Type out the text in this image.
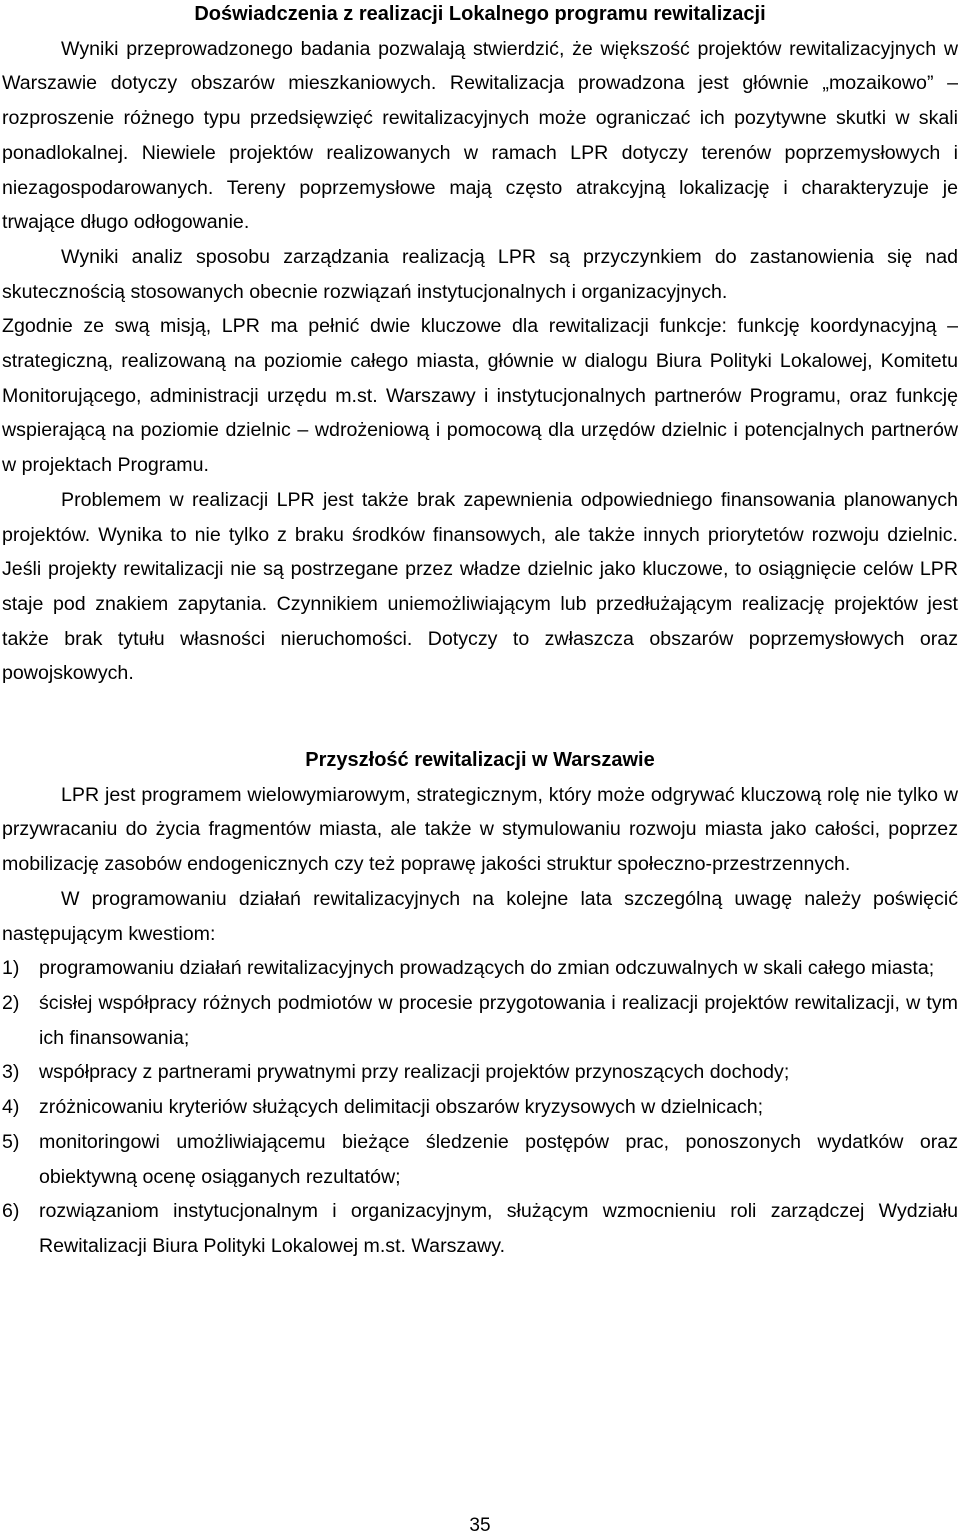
Doświadczenia z realizacji Lokalnego programu rewitalizacji

Wyniki przeprowadzonego badania pozwalają stwierdzić, że większość projektów rewitalizacyjnych w Warszawie dotyczy obszarów mieszkaniowych. Rewitalizacja prowadzona jest głównie „mozaikowo” – rozproszenie różnego typu przedsięwzięć rewitalizacyjnych może ograniczać ich pozytywne skutki w skali ponadlokalnej. Niewiele projektów realizowanych w ramach LPR dotyczy terenów poprzemysłowych i niezagospodarowanych. Tereny poprzemysłowe mają często atrakcyjną lokalizację i charakteryzuje je trwające długo odłogowanie.

Wyniki analiz sposobu zarządzania realizacją LPR są przyczynkiem do zastanowienia się nad skutecznością stosowanych obecnie rozwiązań instytucjonalnych i organizacyjnych.

Zgodnie ze swą misją, LPR ma pełnić dwie kluczowe dla rewitalizacji funkcje: funkcję koordynacyjną – strategiczną, realizowaną na poziomie całego miasta, głównie w dialogu Biura Polityki Lokalowej, Komitetu Monitorującego, administracji urzędu m.st. Warszawy i instytucjonalnych partnerów Programu, oraz funkcję wspierającą na poziomie dzielnic – wdrożeniową i pomocową dla urzędów dzielnic i potencjalnych partnerów w projektach Programu.

Problemem w realizacji LPR jest także brak zapewnienia odpowiedniego finansowania planowanych projektów. Wynika to nie tylko z braku środków finansowych, ale także innych priorytetów rozwoju dzielnic. Jeśli projekty rewitalizacji nie są postrzegane przez władze dzielnic jako kluczowe, to osiągnięcie celów LPR staje pod znakiem zapytania. Czynnikiem uniemożliwiającym lub przedłużającym realizację projektów jest także brak tytułu własności nieruchomości. Dotyczy to zwłaszcza obszarów poprzemysłowych oraz powojskowych.

Przyszłość rewitalizacji w Warszawie

LPR jest programem wielowymiarowym, strategicznym, który może odgrywać kluczową rolę nie tylko w przywracaniu do życia fragmentów miasta, ale także w stymulowaniu rozwoju miasta jako całości, poprzez mobilizację zasobów endogenicznych czy też poprawę jakości struktur społeczno-przestrzennych.

W programowaniu działań rewitalizacyjnych na kolejne lata szczególną uwagę należy poświęcić następującym kwestiom:

1) programowaniu działań rewitalizacyjnych prowadzących do zmian odczuwalnych w skali całego miasta;
2) ścisłej współpracy różnych podmiotów w procesie przygotowania i realizacji projektów rewitalizacji, w tym ich finansowania;
3) współpracy z partnerami prywatnymi przy realizacji projektów przynoszących dochody;
4) zróżnicowaniu kryteriów służących delimitacji obszarów kryzysowych w dzielnicach;
5) monitoringowi umożliwiającemu bieżące śledzenie postępów prac, ponoszonych wydatków oraz obiektywną ocenę osiąganych rezultatów;
6) rozwiązaniom instytucjonalnym i organizacyjnym, służącym wzmocnieniu roli zarządczej Wydziału Rewitalizacji Biura Polityki Lokalowej m.st. Warszawy.
35
